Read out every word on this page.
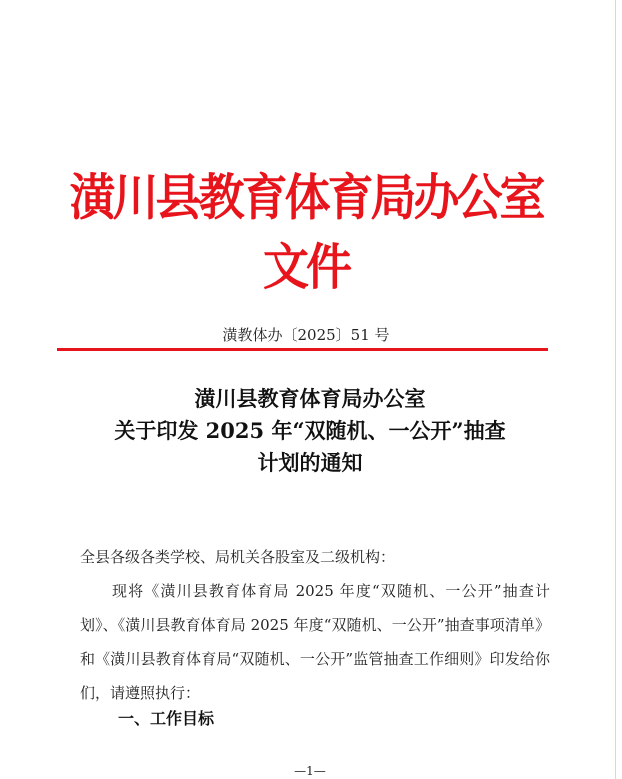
潢川县教育体育局办公室文件
潢教体办〔2025〕51 号
潢川县教育体育局办公室
关于印发 2025 年“双随机、一公开”抽查
计划的通知

全县各级各类学校、局机关各股室及二级机构：

现将《潢川县教育体育局 2025 年度“双随机、一公开”抽查计划》、《潢川县教育体育局 2025 年度“双随机、一公开”抽查事项清单》和《潢川县教育体育局“双随机、一公开”监管抽查工作细则》印发给你们，请遵照执行：

一、工作目标
—1—
